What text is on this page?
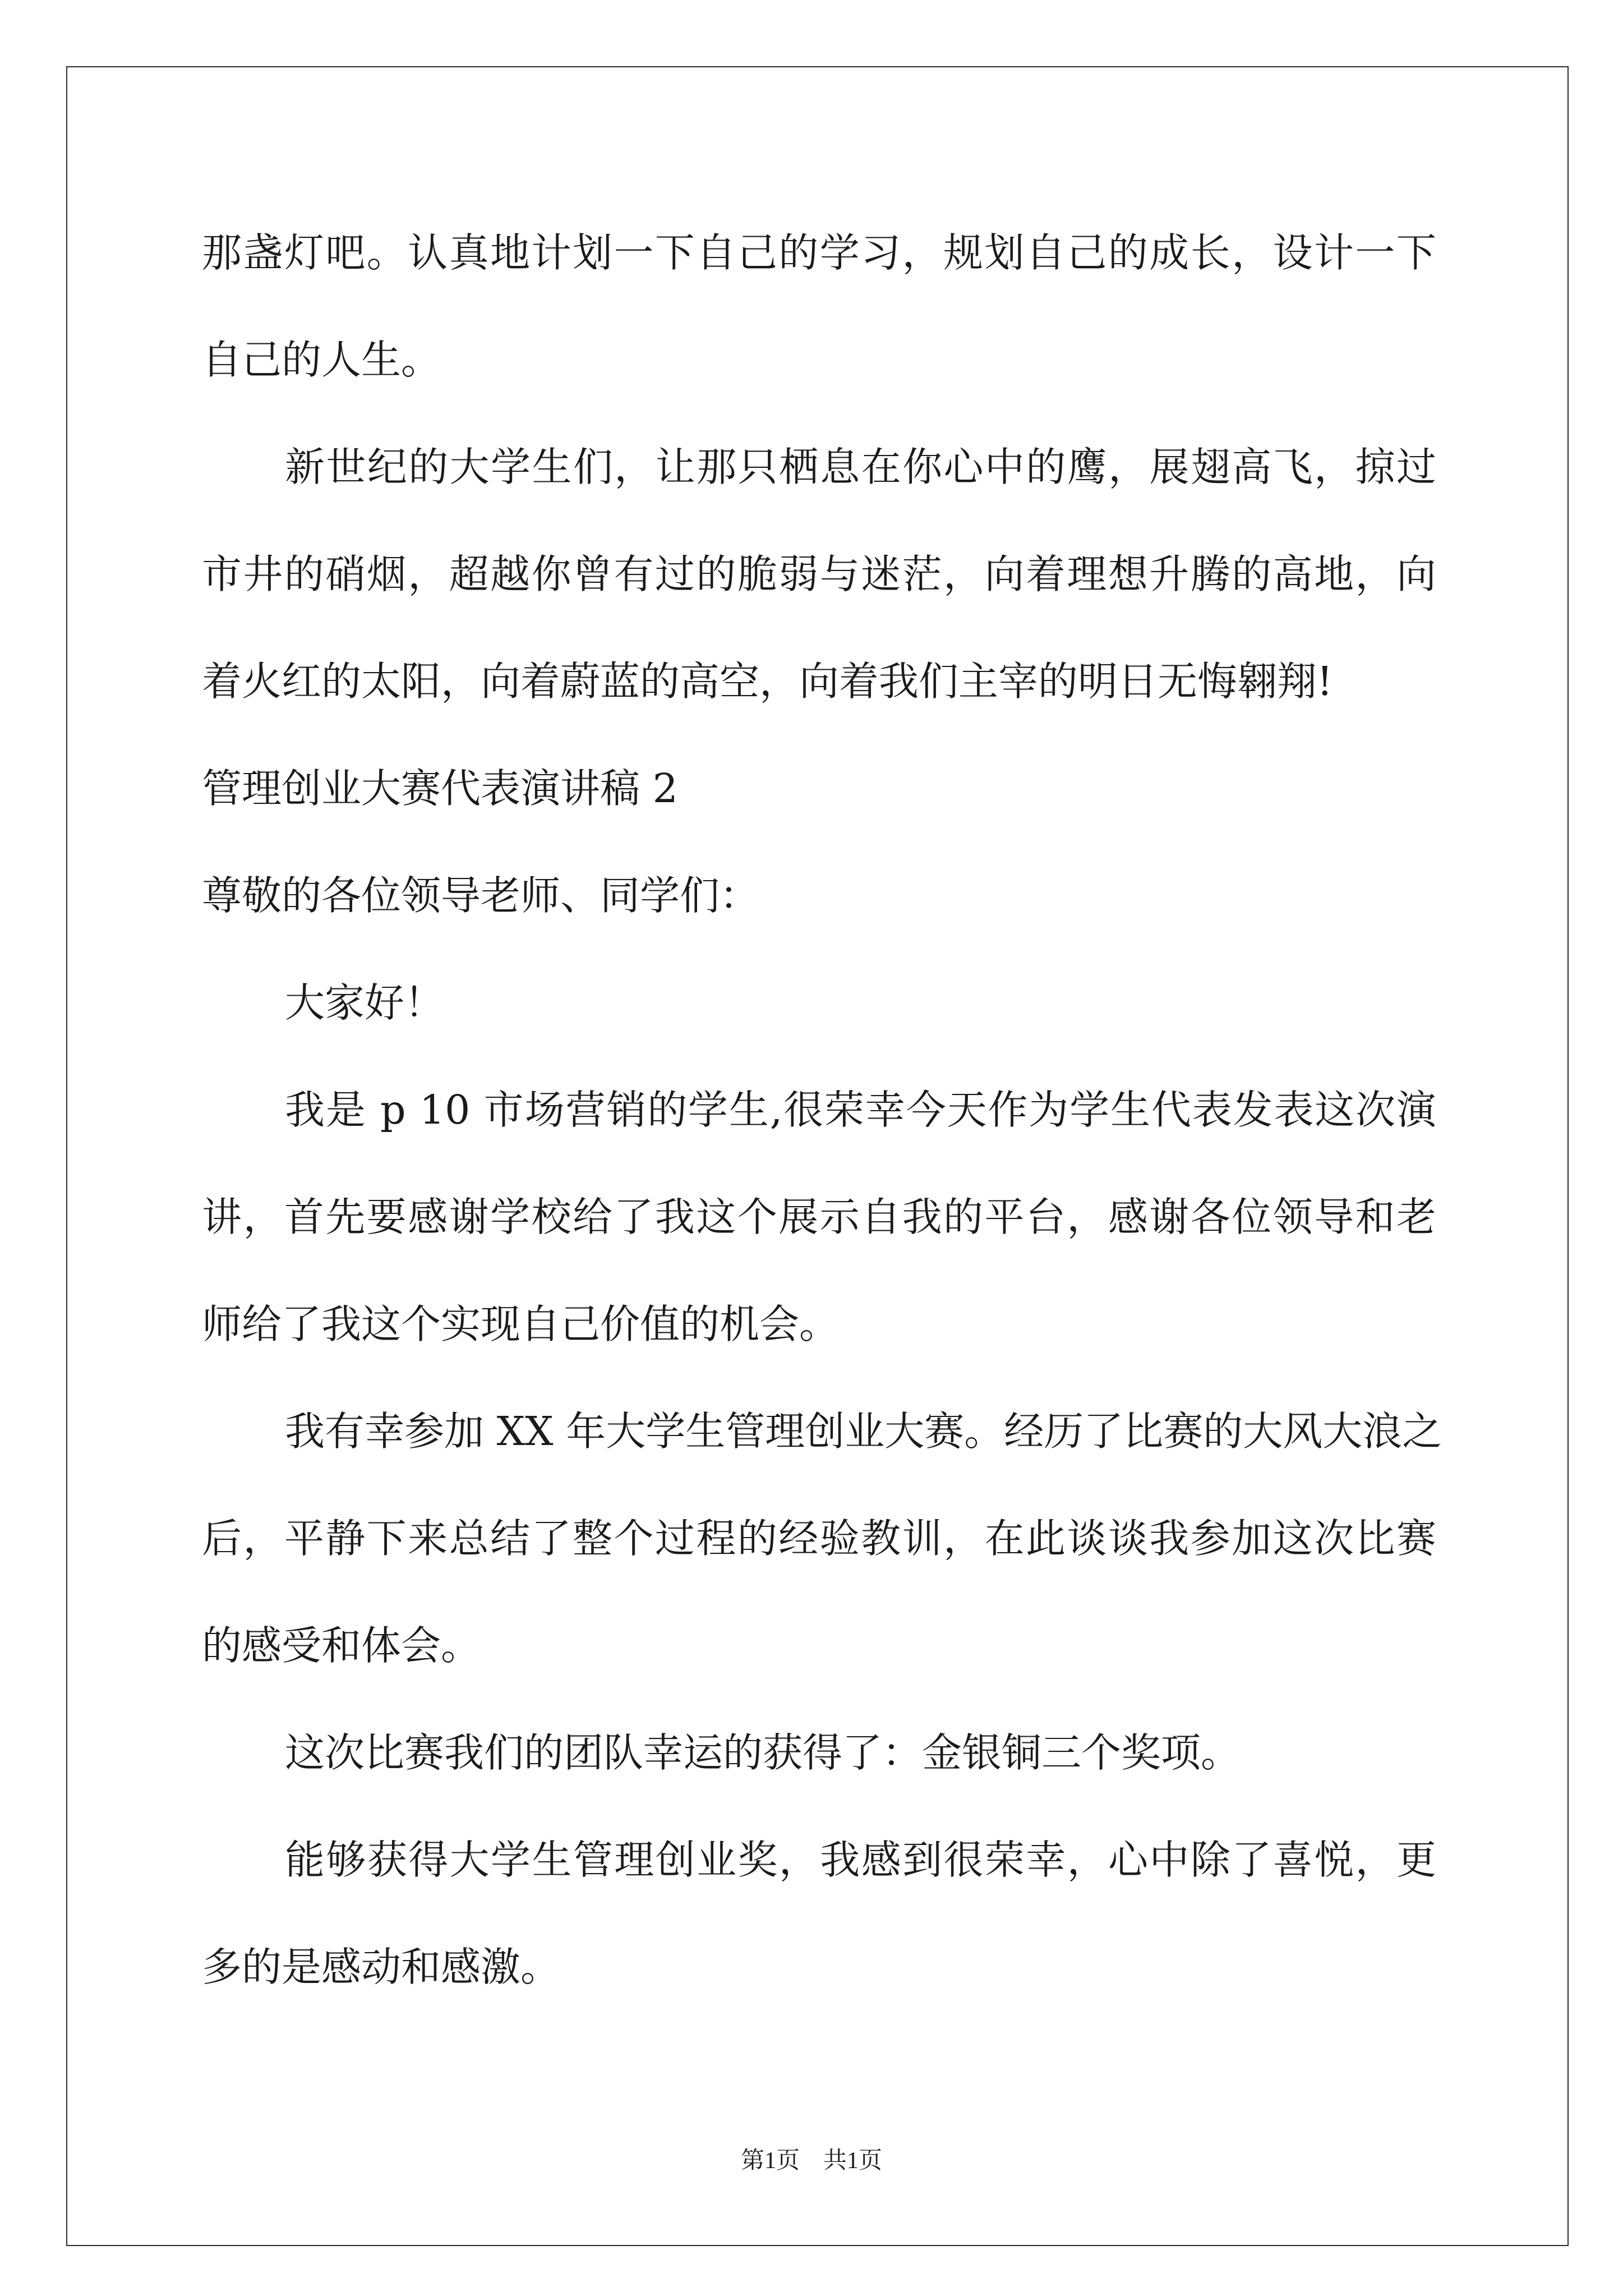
那盏灯吧。认真地计划一下自己的学习，规划自己的成长，设计一下
自己的人生。
新世纪的大学生们，让那只栖息在你心中的鹰，展翅高飞，掠过
市井的硝烟，超越你曾有过的脆弱与迷茫，向着理想升腾的高地，向
着火红的太阳，向着蔚蓝的高空，向着我们主宰的明日无悔翱翔!
管理创业大赛代表演讲稿 2
尊敬的各位领导老师、同学们：
大家好！
我是 p 10 市场营销的学生,很荣幸今天作为学生代表发表这次演
讲，首先要感谢学校给了我这个展示自我的平台，感谢各位领导和老
师给了我这个实现自己价值的机会。
我有幸参加 XX 年大学生管理创业大赛。经历了比赛的大风大浪之
后，平静下来总结了整个过程的经验教训，在此谈谈我参加这次比赛
的感受和体会。
这次比赛我们的团队幸运的获得了：金银铜三个奖项。
能够获得大学生管理创业奖，我感到很荣幸，心中除了喜悦，更
多的是感动和感激。
第1页　共1页
